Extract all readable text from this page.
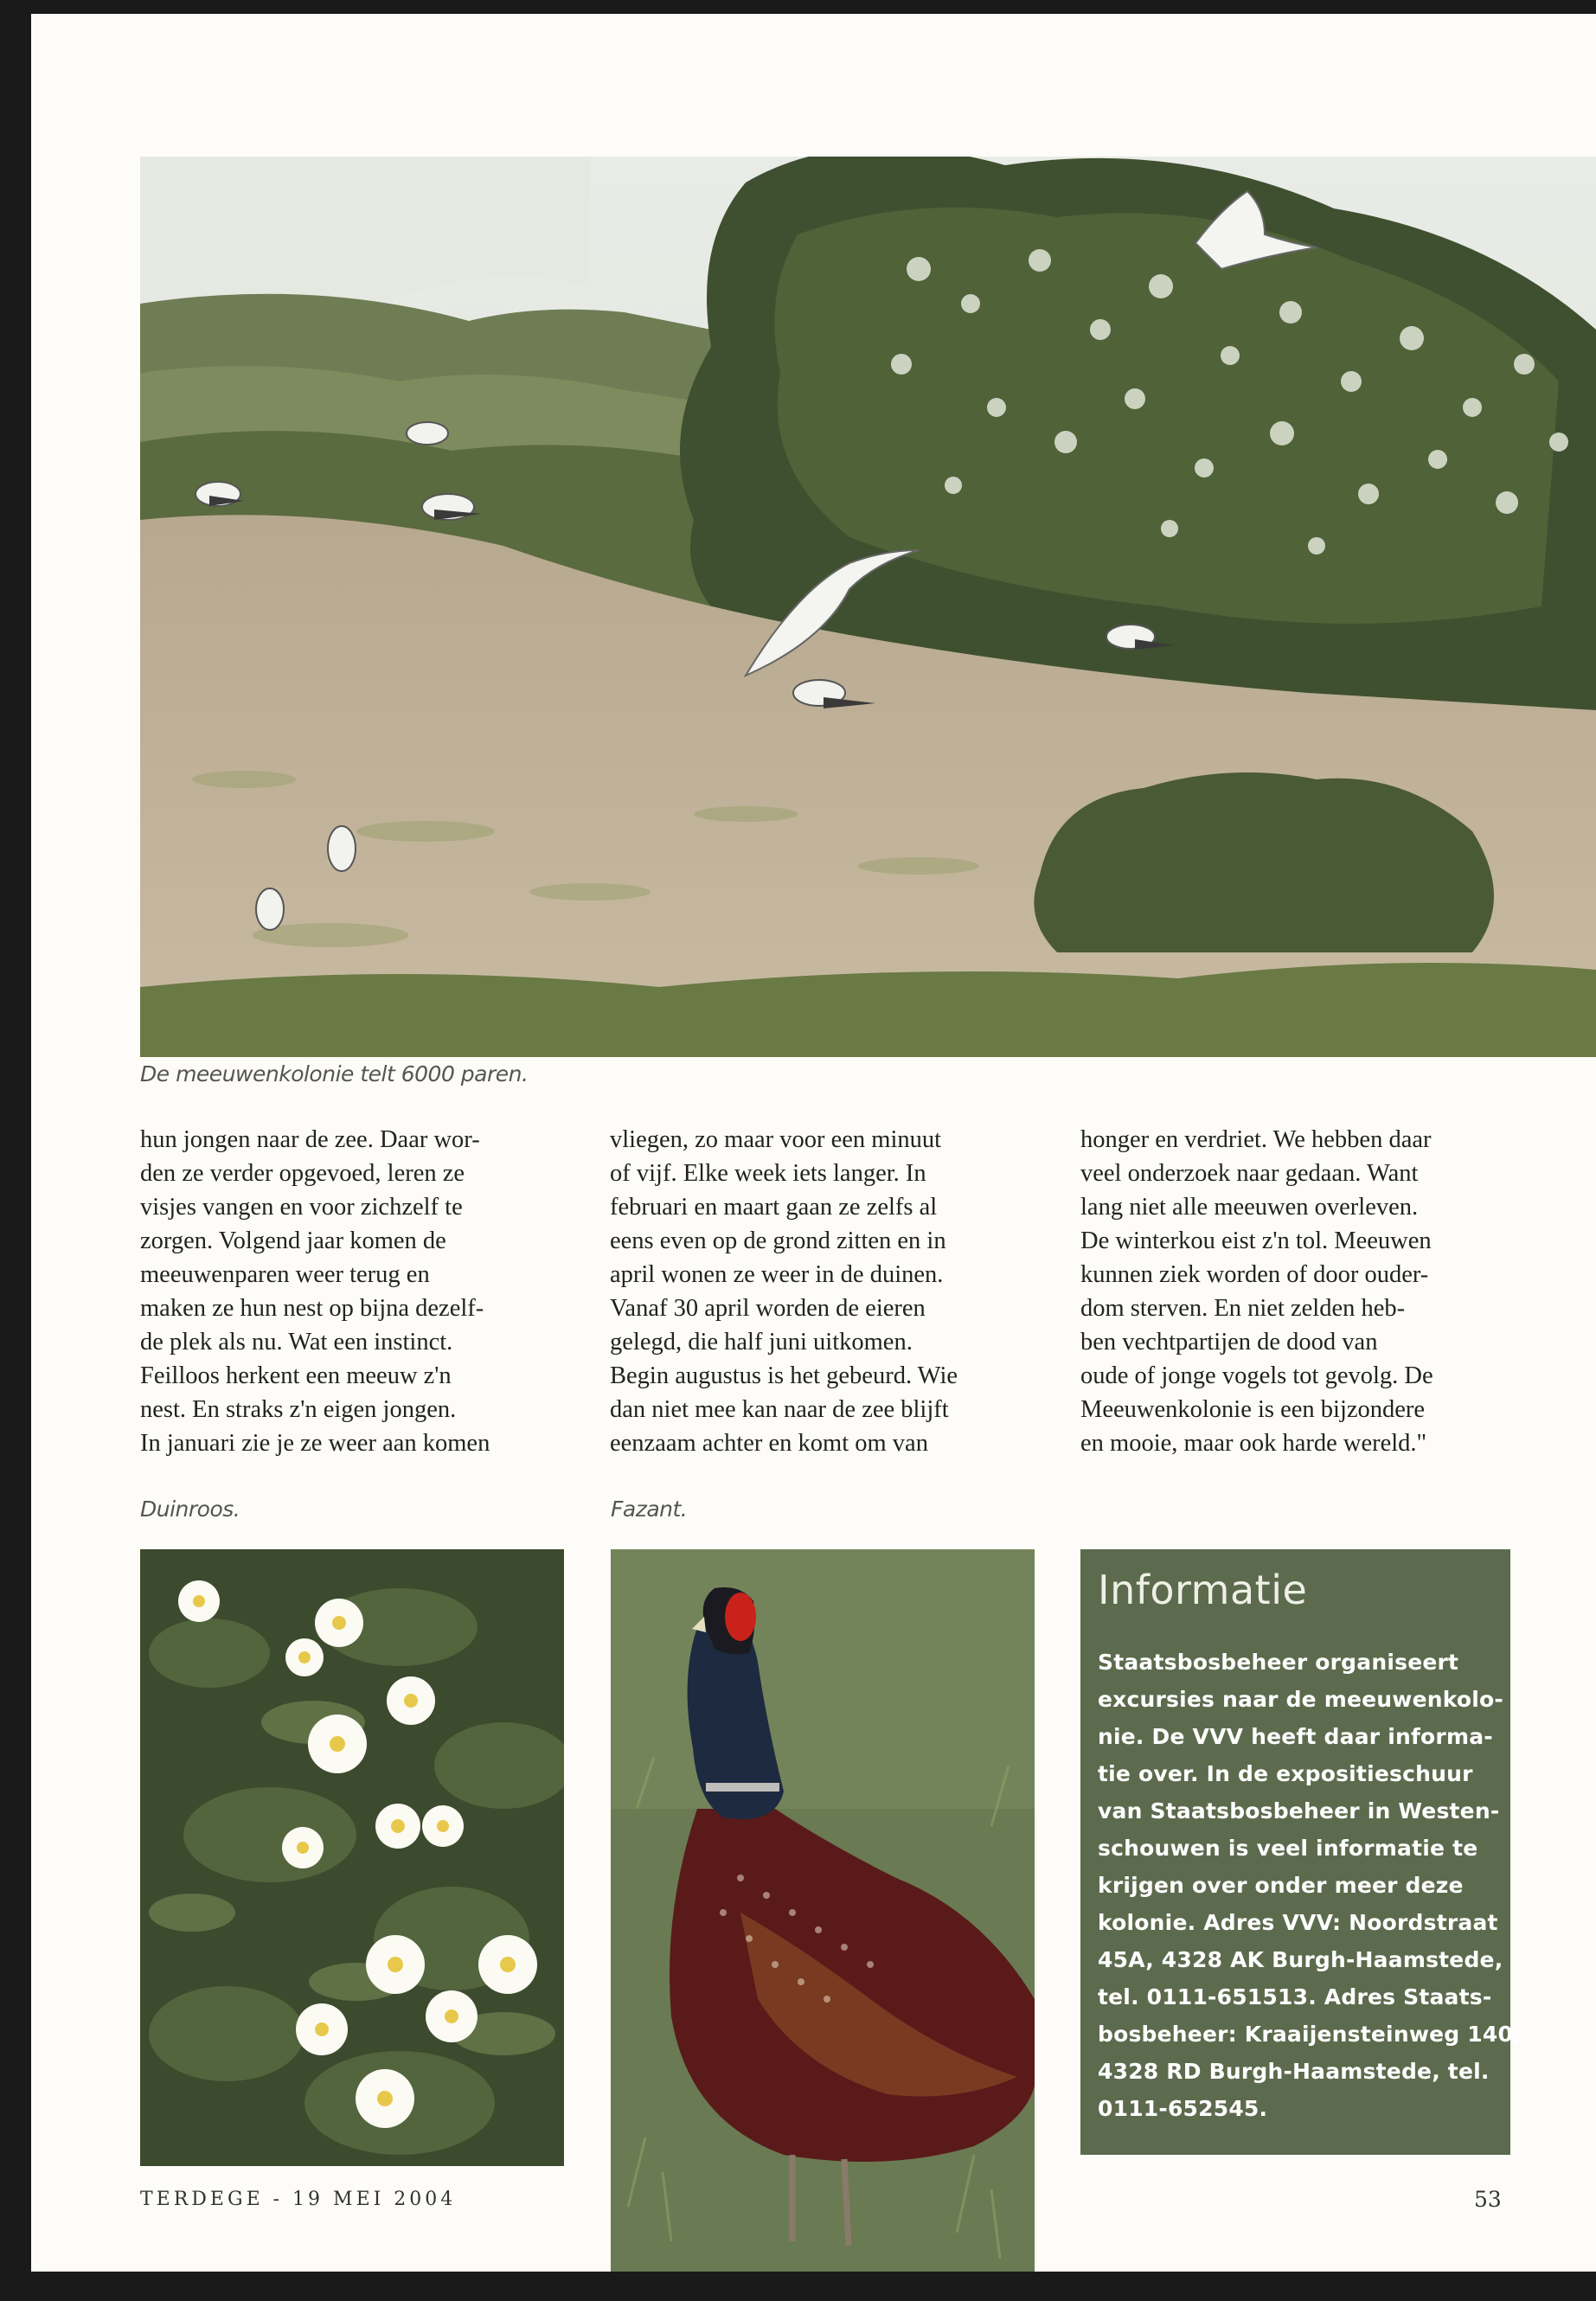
De meeuwenkolonie telt 6000 paren.
hun jongen naar de zee. Daar wor-
den ze verder opgevoed, leren ze
visjes vangen en voor zichzelf te
zorgen. Volgend jaar komen de
meeuwenparen weer terug en
maken ze hun nest op bijna dezelf-
de plek als nu. Wat een instinct.
Feilloos herkent een meeuw z'n
nest. En straks z'n eigen jongen.
In januari zie je ze weer aan komen
vliegen, zo maar voor een minuut
of vijf. Elke week iets langer. In
februari en maart gaan ze zelfs al
eens even op de grond zitten en in
april wonen ze weer in de duinen.
Vanaf 30 april worden de eieren
gelegd, die half juni uitkomen.
Begin augustus is het gebeurd. Wie
dan niet mee kan naar de zee blijft
eenzaam achter en komt om van
honger en verdriet. We hebben daar
veel onderzoek naar gedaan. Want
lang niet alle meeuwen overleven.
De winterkou eist z'n tol. Meeuwen
kunnen ziek worden of door ouder-
dom sterven. En niet zelden heb-
ben vechtpartijen de dood van
oude of jonge vogels tot gevolg. De
Meeuwenkolonie is een bijzondere
en mooie, maar ook harde wereld."
Duinroos.	Fazant.
Informatie
Staatsbosbeheer organiseert
excursies naar de meeuwenkolo-
nie. De VVV heeft daar informa-
tie over. In de expositieschuur
van Staatsbosbeheer in Westen-
schouwen is veel informatie te
krijgen over onder meer deze
kolonie. Adres VVV: Noordstraat
45A, 4328 AK Burgh-Haamstede,
tel. 0111-651513. Adres Staats-
bosbeheer: Kraaijensteinweg 140,
4328 RD Burgh-Haamstede, tel.
0111-652545.
TERDEGE - 19 MEI 2004	53
